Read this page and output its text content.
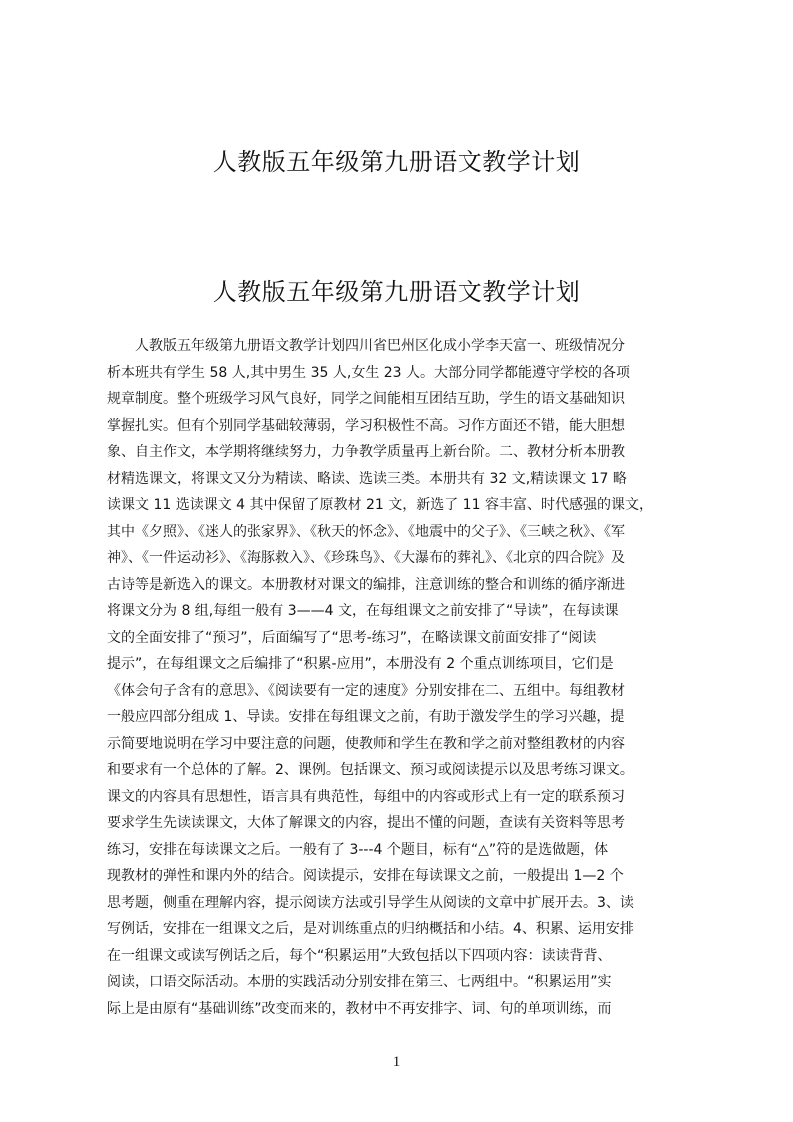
人教版五年级第九册语文教学计划
人教版五年级第九册语文教学计划
人教版五年级第九册语文教学计划四川省巴州区化成小学李天富一、班级情况分
析本班共有学生 58 人,其中男生 35 人,女生 23 人。大部分同学都能遵守学校的各项
规章制度。整个班级学习风气良好，同学之间能相互团结互助，学生的语文基础知识
掌握扎实。但有个别同学基础较薄弱，学习积极性不高。习作方面还不错，能大胆想
象、自主作文，本学期将继续努力，力争教学质量再上新台阶。二、教材分析本册教
材精选课文，将课文又分为精读、略读、选读三类。本册共有 32 文,精读课文 17 略
读课文 11 选读课文 4 其中保留了原教材 21 文，新选了 11 容丰富、时代感强的课文，
其中《夕照》、《迷人的张家界》、《秋天的怀念》、《地震中的父子》、《三峡之秋》、《军
神》、《一件运动衫》、《海豚救入》、《珍珠鸟》、《大瀑布的葬礼》、《北京的四合院》及
古诗等是新选入的课文。本册教材对课文的编排，注意训练的整合和训练的循序渐进
将课文分为 8 组,每组一般有 3——4 文，在每组课文之前安排了“导读”，在每读课
文的全面安排了“预习”，后面编写了“思考-练习”，在略读课文前面安排了“阅读
提示”，在每组课文之后编排了“积累-应用”，本册没有 2 个重点训练项目，它们是
《体会句子含有的意思》、《阅读要有一定的速度》分别安排在二、五组中。每组教材
一般应四部分组成 1、导读。安排在每组课文之前，有助于激发学生的学习兴趣，提
示简要地说明在学习中要注意的问题，使教师和学生在教和学之前对整组教材的内容
和要求有一个总体的了解。2、课例。包括课文、预习或阅读提示以及思考练习课文。
课文的内容具有思想性，语言具有典范性，每组中的内容或形式上有一定的联系预习
要求学生先读读课文，大体了解课文的内容，提出不懂的问题，查读有关资料等思考
练习，安排在每读课文之后。一般有了 3---4 个题目，标有“△”符的是选做题，体
现教材的弹性和课内外的结合。阅读提示，安排在每读课文之前，一般提出 1—2 个
思考题，侧重在理解内容，提示阅读方法或引导学生从阅读的文章中扩展开去。3、读
写例话，安排在一组课文之后，是对训练重点的归纳概括和小结。4、积累、运用安排
在一组课文或读写例话之后，每个“积累运用”大致包括以下四项内容：读读背背、
阅读，口语交际活动。本册的实践活动分别安排在第三、七两组中。“积累运用”实
际上是由原有“基础训练”改变而来的，教材中不再安排字、词、句的单项训练，而
1
